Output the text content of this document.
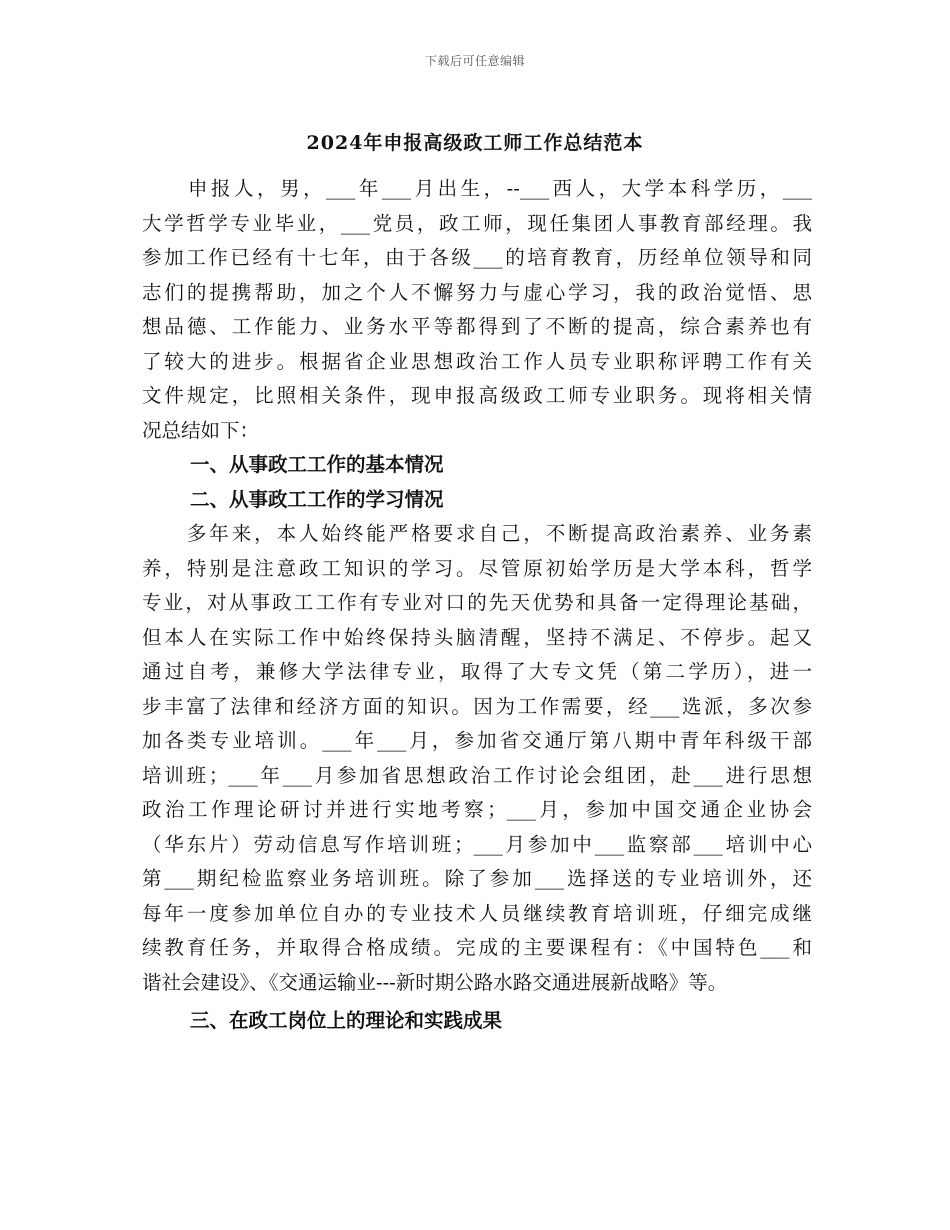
下载后可任意编辑
2024年申报高级政工师工作总结范本
　　申报人，男，___年___月出生，--___西人，大学本科学历，___
大学哲学专业毕业，___党员，政工师，现任集团人事教育部经理。我
参加工作已经有十七年，由于各级___的培育教育，历经单位领导和同
志们的提携帮助，加之个人不懈努力与虚心学习，我的政治觉悟、思
想品德、工作能力、业务水平等都得到了不断的提高，综合素养也有
了较大的进步。根据省企业思想政治工作人员专业职称评聘工作有关
文件规定，比照相关条件，现申报高级政工师专业职务。现将相关情
况总结如下：
一、从事政工工作的基本情况
二、从事政工工作的学习情况
　　多年来，本人始终能严格要求自己，不断提高政治素养、业务素
养，特别是注意政工知识的学习。尽管原初始学历是大学本科，哲学
专业，对从事政工工作有专业对口的先天优势和具备一定得理论基础，
但本人在实际工作中始终保持头脑清醒，坚持不满足、不停步。起又
通过自考，兼修大学法律专业，取得了大专文凭（第二学历），进一
步丰富了法律和经济方面的知识。因为工作需要，经___选派，多次参
加各类专业培训。___年___月，参加省交通厅第八期中青年科级干部
培训班；___年___月参加省思想政治工作讨论会组团，赴___进行思想
政治工作理论研讨并进行实地考察；___月，参加中国交通企业协会
（华东片）劳动信息写作培训班；___月参加中___监察部___培训中心
第___期纪检监察业务培训班。除了参加___选择送的专业培训外，还
每年一度参加单位自办的专业技术人员继续教育培训班，仔细完成继
续教育任务，并取得合格成绩。完成的主要课程有：《中国特色___和
谐社会建设》、《交通运输业---新时期公路水路交通进展新战略》等。
三、在政工岗位上的理论和实践成果
